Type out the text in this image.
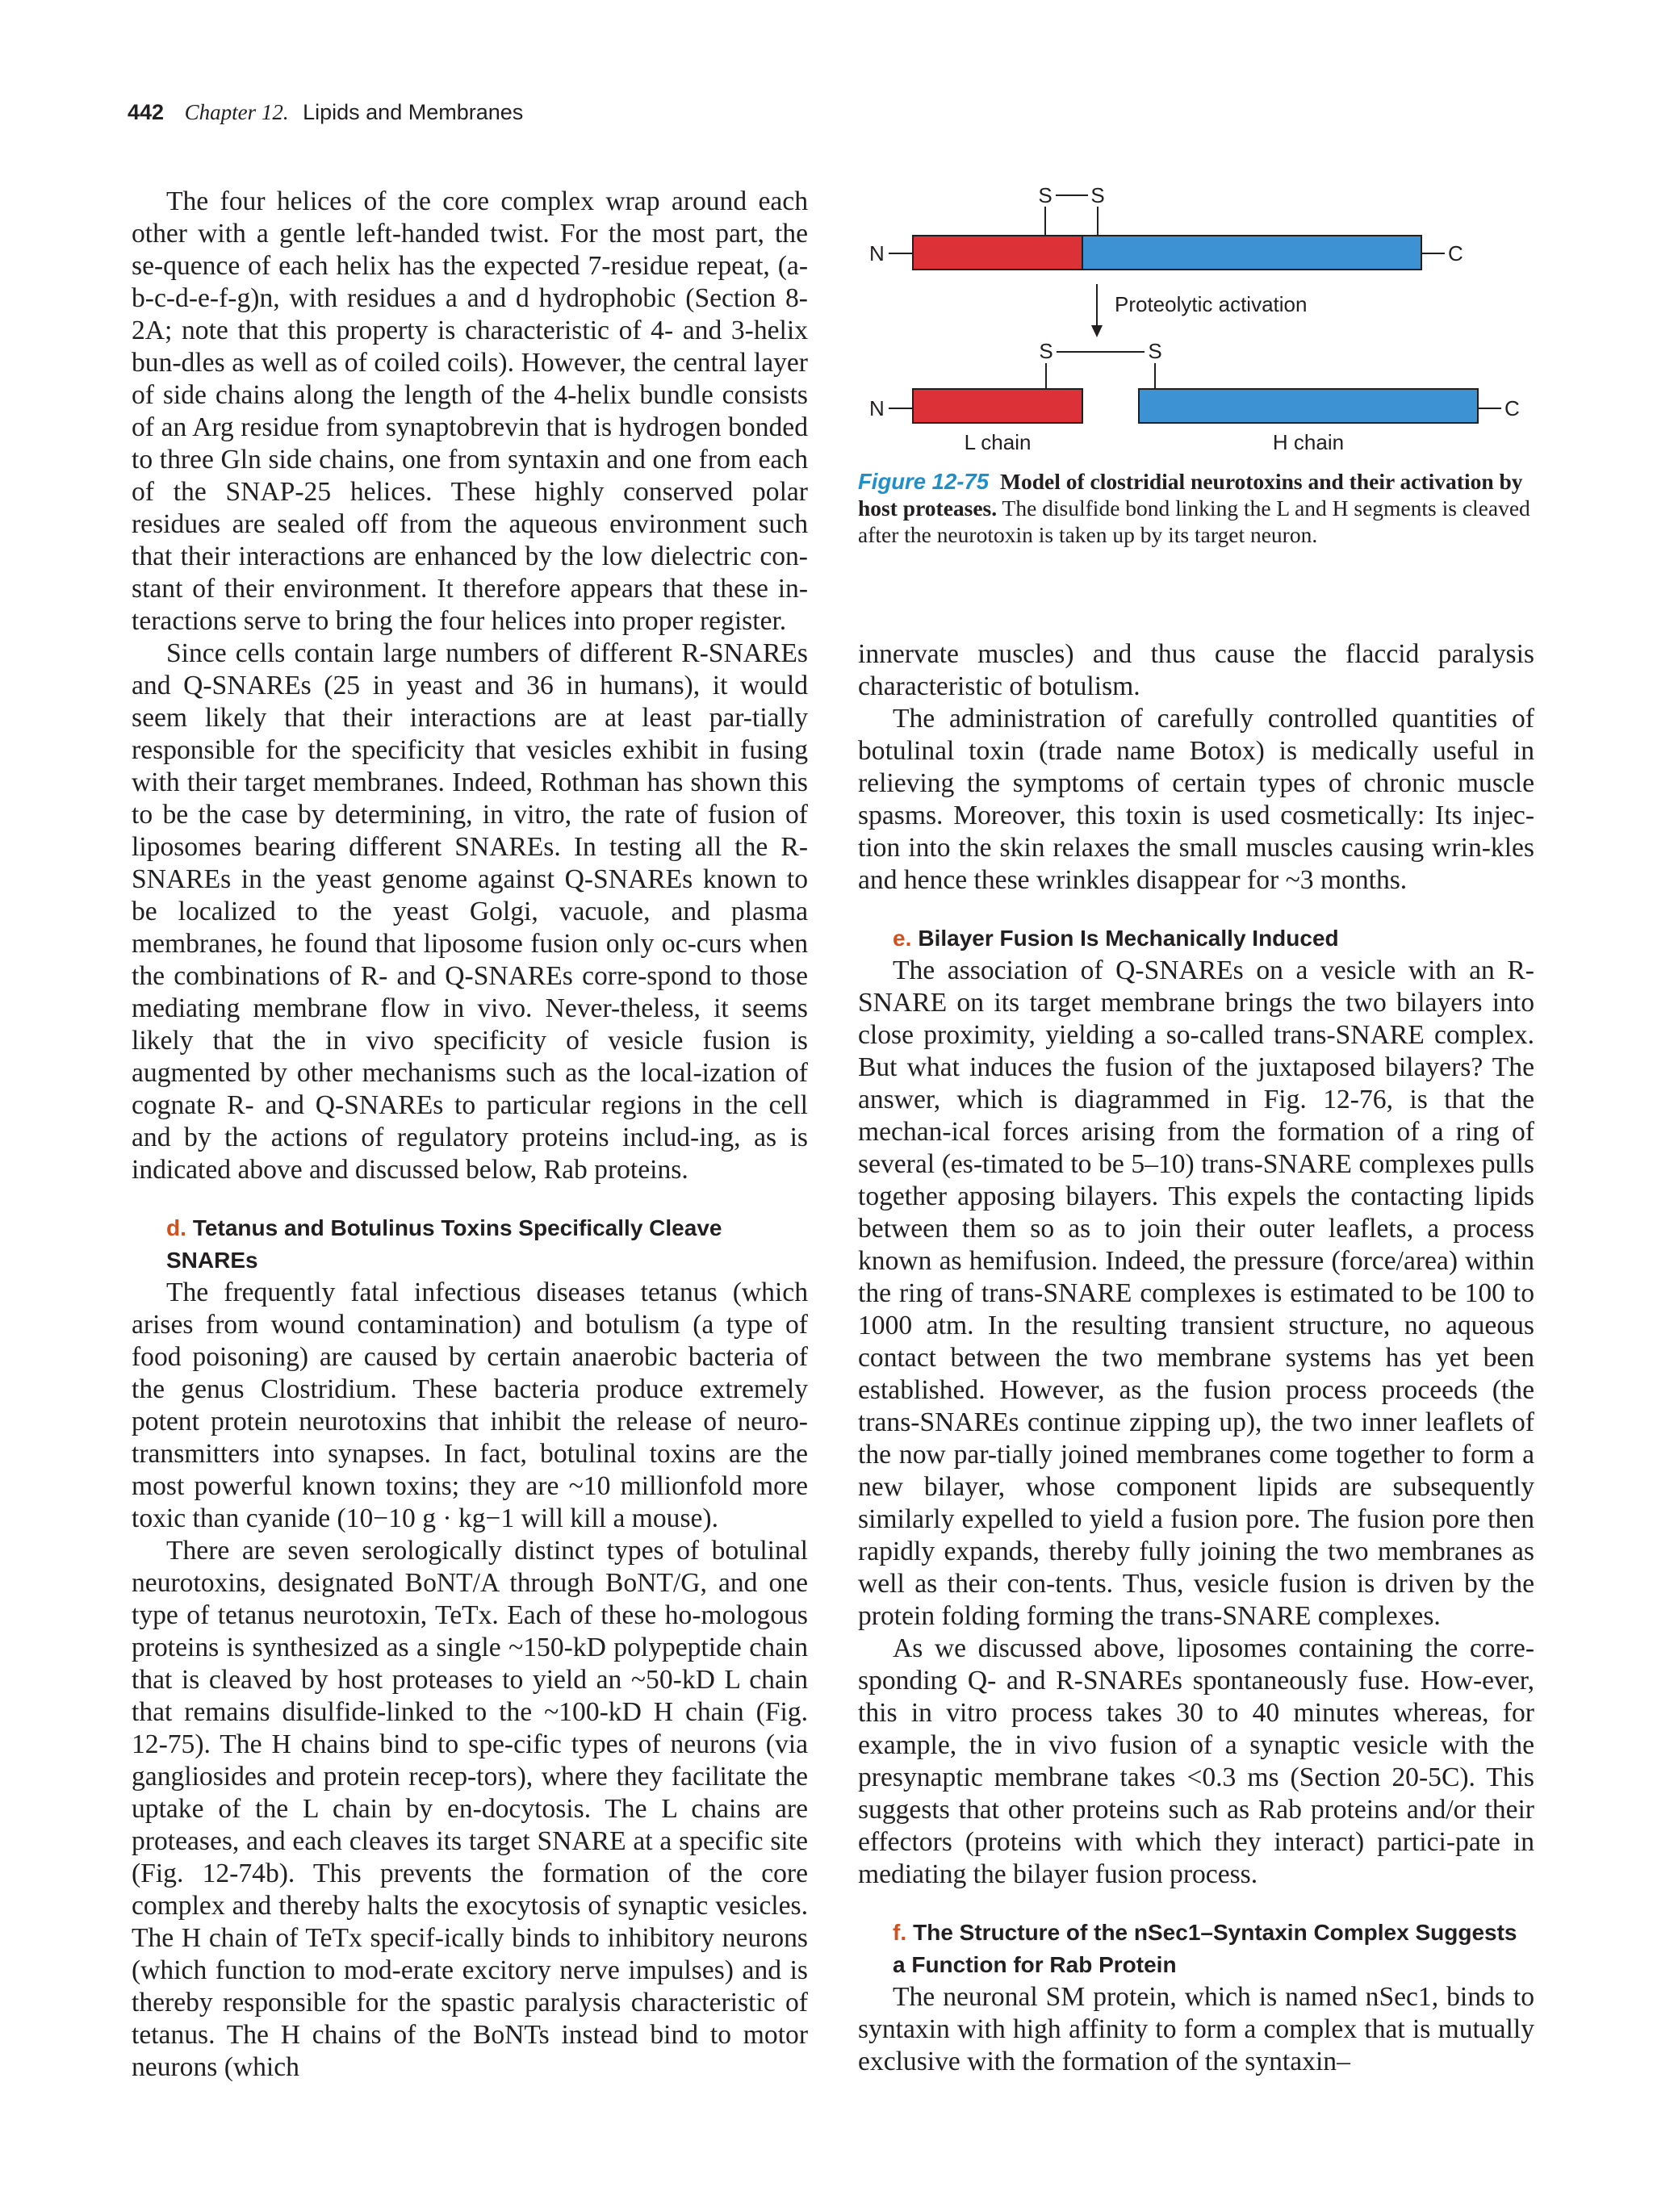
442 Chapter 12. Lipids and Membranes
S S
N	C
Proteolytic activation
S	S
N	C
L chain	H chain
Figure 12-75 Model of clostridial neurotoxins and their activation by host proteases. The disulfide bond linking the L and H segments is cleaved after the neurotoxin is taken up by its target neuron.

The four helices of the core complex wrap around each other with a gentle left-handed twist. For the most part, the se-quence of each helix has the expected 7-residue repeat, (a-b-c-d-e-f-g)n, with residues a and d hydrophobic (Section 8-2A; note that this property is characteristic of 4- and 3-helix bun-dles as well as of coiled coils). However, the central layer of side chains along the length of the 4-helix bundle consists of an Arg residue from synaptobrevin that is hydrogen bonded to three Gln side chains, one from syntaxin and one from each of the SNAP-25 helices. These highly conserved polar residues are sealed off from the aqueous environment such that their interactions are enhanced by the low dielectric con-stant of their environment. It therefore appears that these in-teractions serve to bring the four helices into proper register.

Since cells contain large numbers of different R-SNAREs and Q-SNAREs (25 in yeast and 36 in humans), it would seem likely that their interactions are at least par-tially responsible for the specificity that vesicles exhibit in fusing with their target membranes. Indeed, Rothman has shown this to be the case by determining, in vitro, the rate of fusion of liposomes bearing different SNAREs. In testing all the R-SNAREs in the yeast genome against Q-SNAREs known to be localized to the yeast Golgi, vacuole, and plasma membranes, he found that liposome fusion only oc-curs when the combinations of R- and Q-SNAREs corre-spond to those mediating membrane flow in vivo. Never-theless, it seems likely that the in vivo specificity of vesicle fusion is augmented by other mechanisms such as the local-ization of cognate R- and Q-SNAREs to particular regions in the cell and by the actions of regulatory proteins includ-ing, as is indicated above and discussed below, Rab proteins.

d. Tetanus and Botulinus Toxins Specifically Cleave SNAREs

The frequently fatal infectious diseases tetanus (which arises from wound contamination) and botulism (a type of food poisoning) are caused by certain anaerobic bacteria of the genus Clostridium. These bacteria produce extremely potent protein neurotoxins that inhibit the release of neuro-transmitters into synapses. In fact, botulinal toxins are the most powerful known toxins; they are ~10 millionfold more toxic than cyanide (10−10 g · kg−1 will kill a mouse).

There are seven serologically distinct types of botulinal neurotoxins, designated BoNT/A through BoNT/G, and one type of tetanus neurotoxin, TeTx. Each of these ho-mologous proteins is synthesized as a single ~150-kD polypeptide chain that is cleaved by host proteases to yield an ~50-kD L chain that remains disulfide-linked to the ~100-kD H chain (Fig. 12-75). The H chains bind to spe-cific types of neurons (via gangliosides and protein recep-tors), where they facilitate the uptake of the L chain by en-docytosis. The L chains are proteases, and each cleaves its target SNARE at a specific site (Fig. 12-74b). This prevents the formation of the core complex and thereby halts the exocytosis of synaptic vesicles. The H chain of TeTx specif-ically binds to inhibitory neurons (which function to mod-erate excitory nerve impulses) and is thereby responsible for the spastic paralysis characteristic of tetanus. The H chains of the BoNTs instead bind to motor neurons (which

innervate muscles) and thus cause the flaccid paralysis characteristic of botulism.

The administration of carefully controlled quantities of botulinal toxin (trade name Botox) is medically useful in relieving the symptoms of certain types of chronic muscle spasms. Moreover, this toxin is used cosmetically: Its injec-tion into the skin relaxes the small muscles causing wrin-kles and hence these wrinkles disappear for ~3 months.

e. Bilayer Fusion Is Mechanically Induced

The association of Q-SNAREs on a vesicle with an R-SNARE on its target membrane brings the two bilayers into close proximity, yielding a so-called trans-SNARE complex. But what induces the fusion of the juxtaposed bilayers? The answer, which is diagrammed in Fig. 12-76, is that the mechan-ical forces arising from the formation of a ring of several (es-timated to be 5–10) trans-SNARE complexes pulls together apposing bilayers. This expels the contacting lipids between them so as to join their outer leaflets, a process known as hemifusion. Indeed, the pressure (force/area) within the ring of trans-SNARE complexes is estimated to be 100 to 1000 atm. In the resulting transient structure, no aqueous contact between the two membrane systems has yet been established. However, as the fusion process proceeds (the trans-SNAREs continue zipping up), the two inner leaflets of the now par-tially joined membranes come together to form a new bilayer, whose component lipids are subsequently similarly expelled to yield a fusion pore. The fusion pore then rapidly expands, thereby fully joining the two membranes as well as their con-tents. Thus, vesicle fusion is driven by the protein folding forming the trans-SNARE complexes.

As we discussed above, liposomes containing the corre-sponding Q- and R-SNAREs spontaneously fuse. How-ever, this in vitro process takes 30 to 40 minutes whereas, for example, the in vivo fusion of a synaptic vesicle with the presynaptic membrane takes <0.3 ms (Section 20-5C). This suggests that other proteins such as Rab proteins and/or their effectors (proteins with which they interact) partici-pate in mediating the bilayer fusion process.

f. The Structure of the nSec1–Syntaxin Complex Suggests a Function for Rab Protein

The neuronal SM protein, which is named nSec1, binds to syntaxin with high affinity to form a complex that is mutually exclusive with the formation of the syntaxin–
